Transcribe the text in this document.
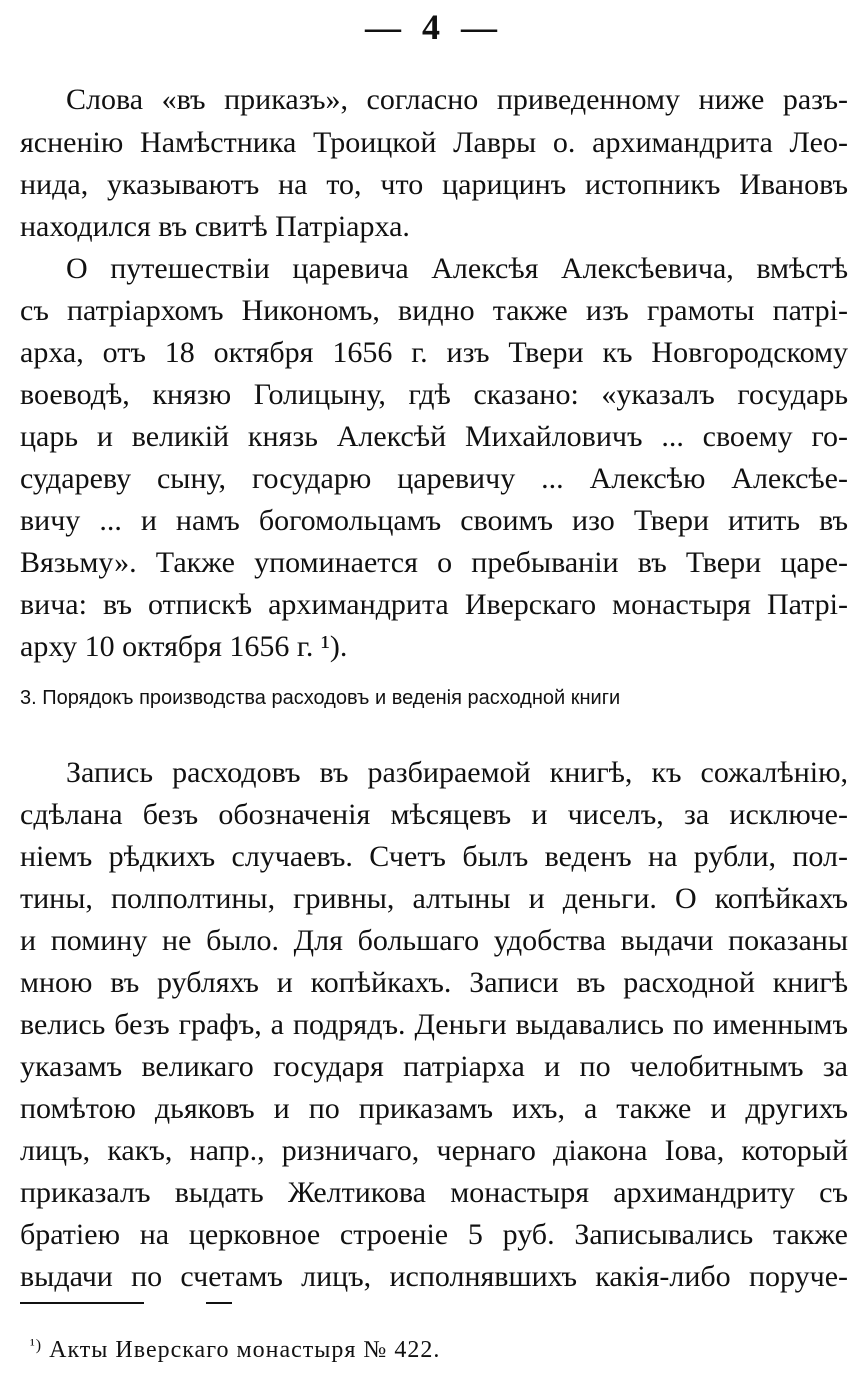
— 4 —
Слова «въ приказъ», согласно приведенному ниже разъ-
ясненію Намѣстника Троицкой Лавры о. архимандрита Лео-
нида, указываютъ на то, что царицинъ истопникъ Ивановъ
находился въ свитѣ Патріарха.
О путешествіи царевича Алексѣя Алексѣевича, вмѣстѣ
съ патріархомъ Никономъ, видно также изъ грамоты патрі-
арха, отъ 18 октября 1656 г. изъ Твери къ Новгородскому
воеводѣ, князю Голицыну, гдѣ сказано: «указалъ государь
царь и великій князь Алексѣй Михайловичъ ... своему го-
судареву сыну, государю царевичу ... Алексѣю Алексѣе-
вичу ... и намъ богомольцамъ своимъ изо Твери итить въ
Вязьму». Также упоминается о пребываніи въ Твери царе-
вича: въ отпискѣ архимандрита Иверскаго монастыря Патрі-
арху 10 октября 1656 г. ¹).
3. Порядокъ производства расходовъ и веденія расходной книги
Запись расходовъ въ разбираемой книгѣ, къ сожалѣнію,
сдѣлана безъ обозначенія мѣсяцевъ и чиселъ, за исключе-
ніемъ рѣдкихъ случаевъ. Счетъ былъ веденъ на рубли, пол-
тины, полполтины, гривны, алтыны и деньги. О копѣйкахъ
и помину не было. Для большаго удобства выдачи показаны
мною въ рубляхъ и копѣйкахъ. Записи въ расходной книгѣ
велись безъ графъ, а подрядъ. Деньги выдавались по именнымъ
указамъ великаго государя патріарха и по челобитнымъ за
помѣтою дьяковъ и по приказамъ ихъ, а также и другихъ
лицъ, какъ, напр., ризничаго, чернаго діакона Іова, который
приказалъ выдать Желтикова монастыря архимандриту съ
братіею на церковное строеніе 5 руб. Записывались также
выдачи по счетамъ лицъ, исполнявшихъ какія-либо поруче-
$^{^1)}$ Акты Иверскаго монастыря № 422.
